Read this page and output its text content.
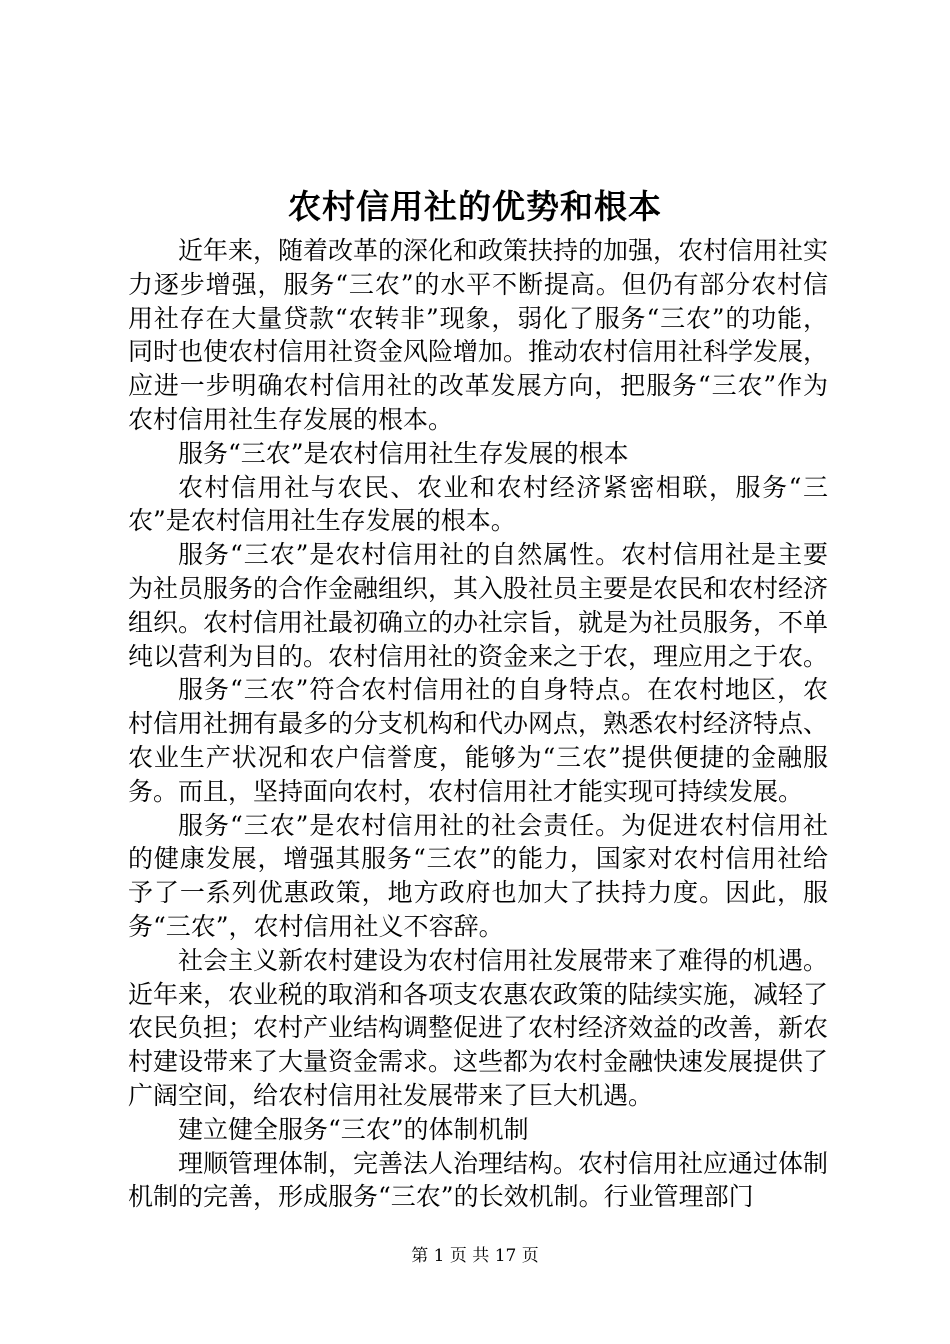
农村信用社的优势和根本

近年来，随着改革的深化和政策扶持的加强，农村信用社实力逐步增强，服务“三农”的水平不断提高。但仍有部分农村信用社存在大量贷款“农转非”现象，弱化了服务“三农”的功能，同时也使农村信用社资金风险增加。推动农村信用社科学发展，应进一步明确农村信用社的改革发展方向，把服务“三农”作为农村信用社生存发展的根本。

服务“三农”是农村信用社生存发展的根本

农村信用社与农民、农业和农村经济紧密相联，服务“三农”是农村信用社生存发展的根本。

服务“三农”是农村信用社的自然属性。农村信用社是主要为社员服务的合作金融组织，其入股社员主要是农民和农村经济组织。农村信用社最初确立的办社宗旨，就是为社员服务，不单纯以营利为目的。农村信用社的资金来之于农，理应用之于农。

服务“三农”符合农村信用社的自身特点。在农村地区，农村信用社拥有最多的分支机构和代办网点，熟悉农村经济特点、农业生产状况和农户信誉度，能够为“三农”提供便捷的金融服务。而且，坚持面向农村，农村信用社才能实现可持续发展。

服务“三农”是农村信用社的社会责任。为促进农村信用社的健康发展，增强其服务“三农”的能力，国家对农村信用社给予了一系列优惠政策，地方政府也加大了扶持力度。因此，服务“三农”，农村信用社义不容辞。

社会主义新农村建设为农村信用社发展带来了难得的机遇。近年来，农业税的取消和各项支农惠农政策的陆续实施，减轻了农民负担；农村产业结构调整促进了农村经济效益的改善，新农村建设带来了大量资金需求。这些都为农村金融快速发展提供了广阔空间，给农村信用社发展带来了巨大机遇。

建立健全服务“三农”的体制机制

理顺管理体制，完善法人治理结构。农村信用社应通过体制机制的完善，形成服务“三农”的长效机制。行业管理部门

第 1 页 共 17 页
